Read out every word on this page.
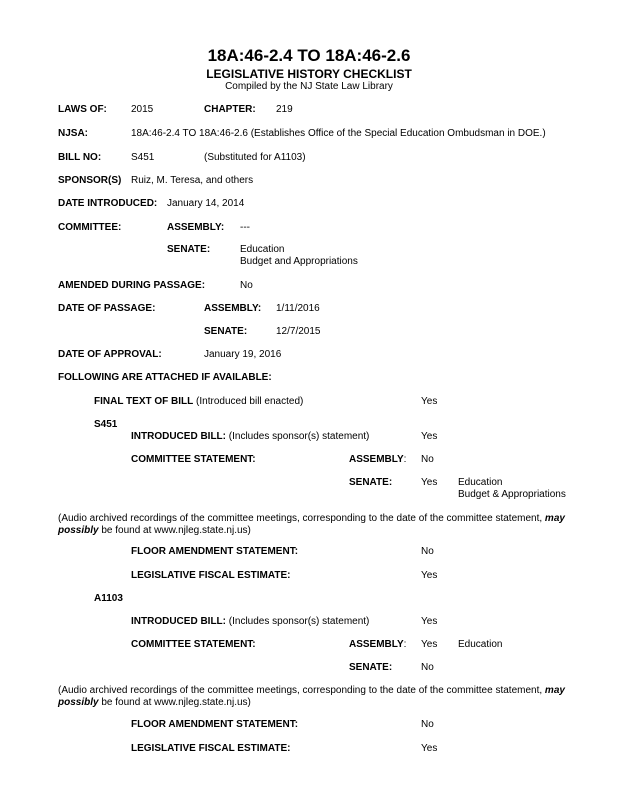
18A:46-2.4 TO 18A:46-2.6
LEGISLATIVE HISTORY CHECKLIST
Compiled by the NJ State Law Library
LAWS OF: 2015	CHAPTER: 219
NJSA:	18A:46-2.4 TO 18A:46-2.6 (Establishes Office of the Special Education Ombudsman in DOE.)
BILL NO:	S451	(Substituted for A1103)
SPONSOR(S) Ruiz, M. Teresa, and others
DATE INTRODUCED: January 14, 2014
COMMITTEE:	ASSEMBLY: ---
SENATE:	Education
Budget and Appropriations
AMENDED DURING PASSAGE:	No
DATE OF PASSAGE:	ASSEMBLY: 1/11/2016
SENATE:	12/7/2015
DATE OF APPROVAL:	January 19, 2016
FOLLOWING ARE ATTACHED IF AVAILABLE:
FINAL TEXT OF BILL (Introduced bill enacted)	Yes
S451
INTRODUCED BILL: (Includes sponsor(s) statement)	Yes
COMMITTEE STATEMENT:	ASSEMBLY: No
SENATE:	Yes Education
Budget & Appropriations
(Audio archived recordings of the committee meetings, corresponding to the date of the committee statement, may possibly be found at www.njleg.state.nj.us)
FLOOR AMENDMENT STATEMENT:	No
LEGISLATIVE FISCAL ESTIMATE:	Yes
A1103
INTRODUCED BILL: (Includes sponsor(s) statement)	Yes
COMMITTEE STATEMENT:	ASSEMBLY: Yes Education
SENATE:	No
(Audio archived recordings of the committee meetings, corresponding to the date of the committee statement, may possibly be found at www.njleg.state.nj.us)
FLOOR AMENDMENT STATEMENT:	No
LEGISLATIVE FISCAL ESTIMATE:	Yes
